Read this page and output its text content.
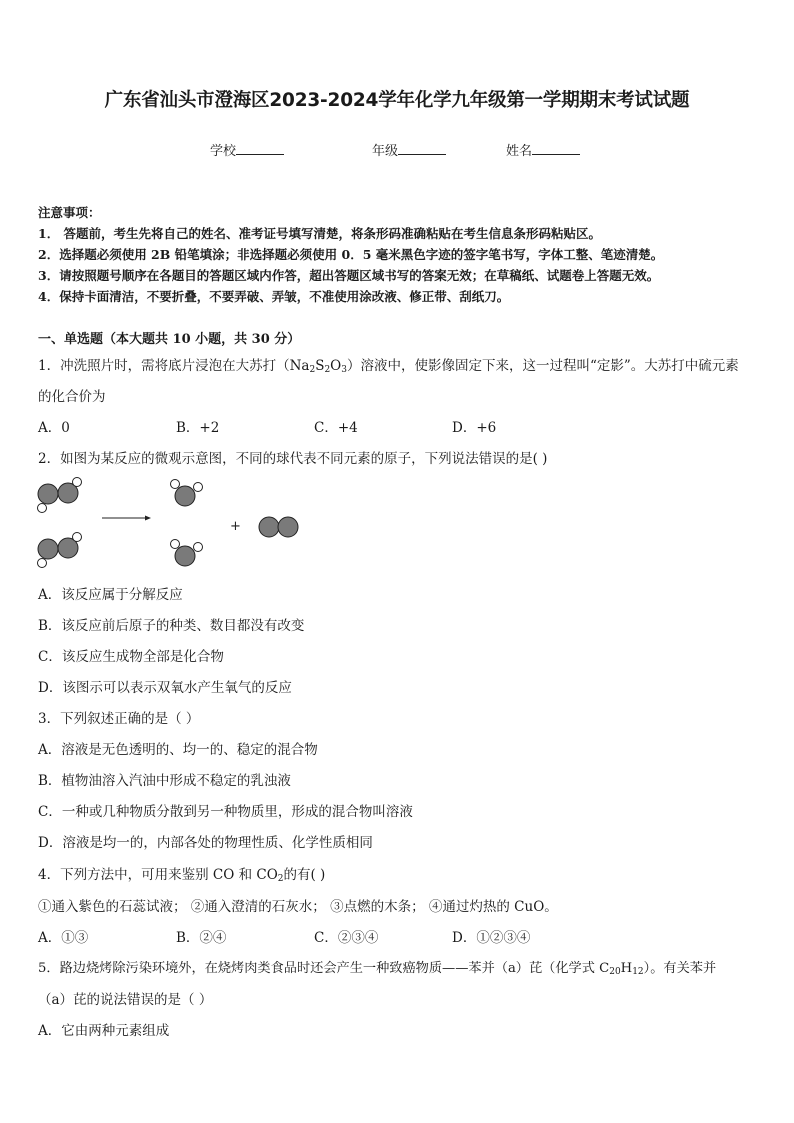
广东省汕头市澄海区2023-2024学年化学九年级第一学期期末考试试题
学校	年级	姓名
注意事项：
1． 答题前，考生先将自己的姓名、准考证号填写清楚，将条形码准确粘贴在考生信息条形码粘贴区。
2．选择题必须使用 2B 铅笔填涂；非选择题必须使用 0．5 毫米黑色字迹的签字笔书写，字体工整、笔迹清楚。
3．请按照题号顺序在各题目的答题区域内作答，超出答题区域书写的答案无效；在草稿纸、试题卷上答题无效。
4．保持卡面清洁，不要折叠，不要弄破、弄皱，不准使用涂改液、修正带、刮纸刀。
一、单选题（本大题共 10 小题，共 30 分）
1．冲洗照片时，需将底片浸泡在大苏打$(Na_2S_2O_3)$溶液中，使影像固定下来，这一过程叫“定影”。大苏打中硫元素
的化合价为
A．0	B．+2	C．+4	D．+6
2．如图为某反应的微观示意图，不同的球代表不同元素的原子，下列说法错误的是( )
+
A．该反应属于分解反应
B．该反应前后原子的种类、数目都没有改变
C．该反应生成物全部是化合物
D．该图示可以表示双氧水产生氧气的反应
3．下列叙述正确的是（ ）
A．溶液是无色透明的、均一的、稳定的混合物
B．植物油溶入汽油中形成不稳定的乳浊液
C．一种或几种物质分散到另一种物质里，形成的混合物叫溶液
D．溶液是均一的，内部各处的物理性质、化学性质相同
4．下列方法中，可用来鉴别 CO 和 $CO_2$的有( )
①通入紫色的石蕊试液； ②通入澄清的石灰水； ③点燃的木条； ④通过灼热的 CuO。
A．①③	B．②④	C．②③④	D．①②③④
5．路边烧烤除污染环境外，在烧烤肉类食品时还会产生一种致癌物质——苯并（a）芘（化学式 $C_{20}H_{12}$）。有关苯并
（a）芘的说法错误的是（ ）
A．它由两种元素组成
